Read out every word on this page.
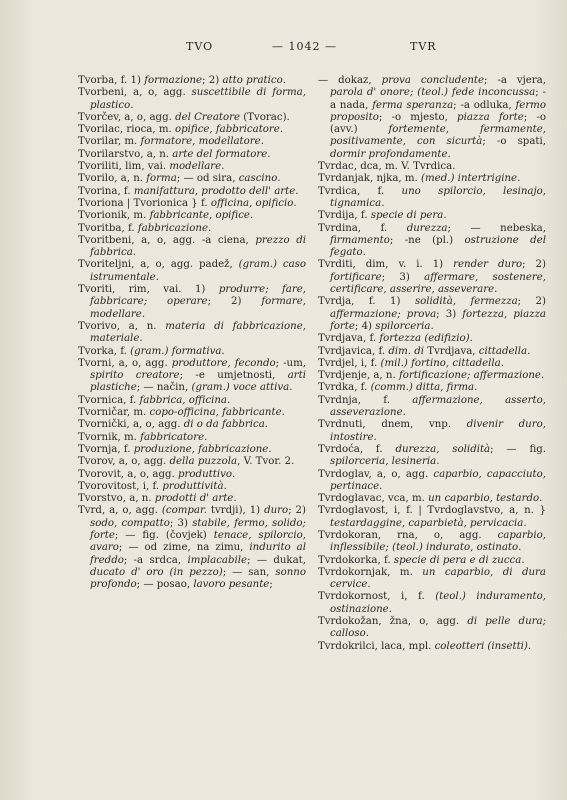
TVO	— 1042 —	TVR

Tvorba, f. 1) formazione; 2) atto pratico.

Tvorbeni, a, o, agg. suscettibile di forma, plastico.

Tvorčev, a, o, agg. del Creatore (Tvorac).

Tvorilac, rioca, m. opifice, fabbricatore.

Tvorilar, m. formatore, modellatore.

Tvorilarstvo, a, n. arte del formatore.

Tvoriliti, lim, vai. modellare.

Tvorilo, a, n. forma; — od sira, cascino.

Tvorina, f. manifattura, prodotto dell' arte.

Tvoriona | Tvorionica } f. officina, opificio.

Tvorionik, m. fabbricante, opifice.

Tvoritba, f. fabbricazione.

Tvoritbeni, a, o, agg. -a ciena, prezzo di fabbrica.

Tvoriteljni, a, o, agg. padež, (gram.) caso istrumentale.

Tvoriti, rim, vai. 1) produrre; fare, fabbricare; operare; 2) formare, modellare.

Tvorivo, a, n. materia di fabbricazione, materiale.

Tvorka, f. (gram.) formativa.

Tvorni, a, o, agg. produttore, fecondo; -um, spirito creatore; -e umjetnosti, arti plastiche; — način, (gram.) voce attiva.

Tvornica, f. fabbrica, officina.

Tvorničar, m. copo-officina, fabbricante.

Tvornički, a, o, agg. di o da fabbrica.

Tvornik, m. fabbricatore.

Tvornja, f. produzione, fabbricazione.

Tvorov, a, o, agg. della puzzola, V. Tvor. 2.

Tvorovit, a, o, agg. produttivo.

Tvorovitost, i, f. produttività.

Tvorstvo, a, n. prodotti d' arte.

Tvrd, a, o, agg. (compar. tvrdji), 1) duro; 2) sodo, compatto; 3) stabile, fermo, solido; forte; — fig. (čovjek) tenace, spilorcio, avaro; — od zime, na zimu, indurito al freddo; -a srdca, implacabile; — dukat, ducato d' oro (in pezzo); — san, sonno profondo; — posao, lavoro pesante;

— dokaz, prova concludente; -a vjera, parola d' onore; (teol.) fede inconcussa; -a nada, ferma speranza; -a odluka, fermo proposito; -o mjesto, piazza forte; -o (avv.) fortemente, fermamente, positivamente, con sicurtà; -o spati, dormir profondamente.

Tvrdac, dca, m. V. Tvrdica.

Tvrdanjak, njka, m. (med.) intertrigine.

Tvrdica, f. uno spilorcio, lesinajo, tignamica.

Tvrdija, f. specie di pera.

Tvrdina, f. durezza; — nebeska, firmamento; -ne (pl.) ostruzione del fegato.

Tvrditi, dim, v. i. 1) render duro; 2) fortificare; 3) affermare, sostenere, certificare, asserire, asseverare.

Tvrdja, f. 1) solidità, fermezza; 2) affermazione; prova; 3) fortezza, piazza forte; 4) spilorceria.

Tvrdjava, f. fortezza (edifizio).

Tvrdjavica, f. dim. di Tvrdjava, cittadella.

Tvrdjel, i, f. (mil.) fortino, cittadella.

Tvrdjenje, a, n. fortificazione; affermazione.

Tvrdka, f. (comm.) ditta, firma.

Tvrdnja, f. affermazione, asserto, asseverazione.

Tvrdnuti, dnem, vnp. divenir duro, intostire.

Tvrdoća, f. durezza, solidità; — fig. spilorceria, lesineria.

Tvrdoglav, a, o, agg. caparbio, capacciuto, pertinace.

Tvrdoglavac, vca, m. un caparbio, testardo.

Tvrdoglavost, i, f. | Tvrdoglavstvo, a, n. } testardaggine, caparbietà, pervicacia.

Tvrdokoran, rna, o, agg. caparbio, inflessibile; (teol.) indurato, ostinato.

Tvrdokorka, f. specie di pera e di zucca.

Tvrdokornjak, m. un caparbio, di dura cervice.

Tvrdokornost, i, f. (teol.) induramento, ostinazione.

Tvrdokožan, žna, o, agg. di pelle dura; calloso.

Tvrdokrilci, laca, mpl. coleotteri (insetti).
